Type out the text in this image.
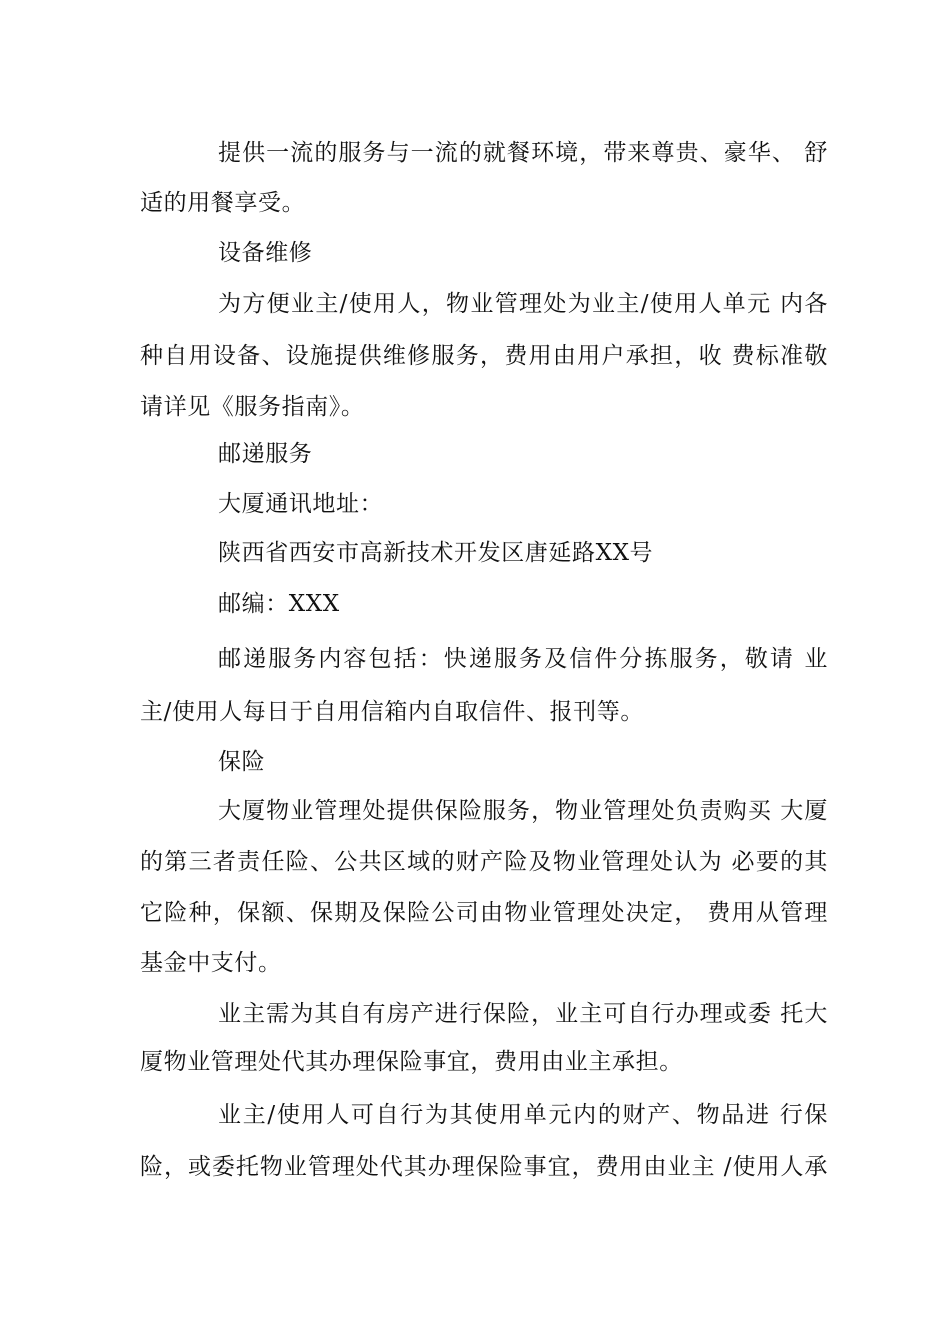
提供一流的服务与一流的就餐环境，带来尊贵、豪华、 舒
适的用餐享受。
设备维修
为方便业主/使用人，物业管理处为业主/使用人单元 内各
种自用设备、设施提供维修服务，费用由用户承担，收 费标准敬
请详见《服务指南》。
邮递服务
大厦通讯地址：
陕西省西安市高新技术开发区唐延路XX号
邮编：XXX
邮递服务内容包括：快递服务及信件分拣服务，敬请 业
主/使用人每日于自用信箱内自取信件、报刊等。
保险
大厦物业管理处提供保险服务，物业管理处负责购买 大厦
的第三者责任险、公共区域的财产险及物业管理处认为 必要的其
它险种，保额、保期及保险公司由物业管理处决定， 费用从管理
基金中支付。
业主需为其自有房产进行保险，业主可自行办理或委 托大
厦物业管理处代其办理保险事宜，费用由业主承担。
业主/使用人可自行为其使用单元内的财产、物品进 行保
险，或委托物业管理处代其办理保险事宜，费用由业主 /使用人承
